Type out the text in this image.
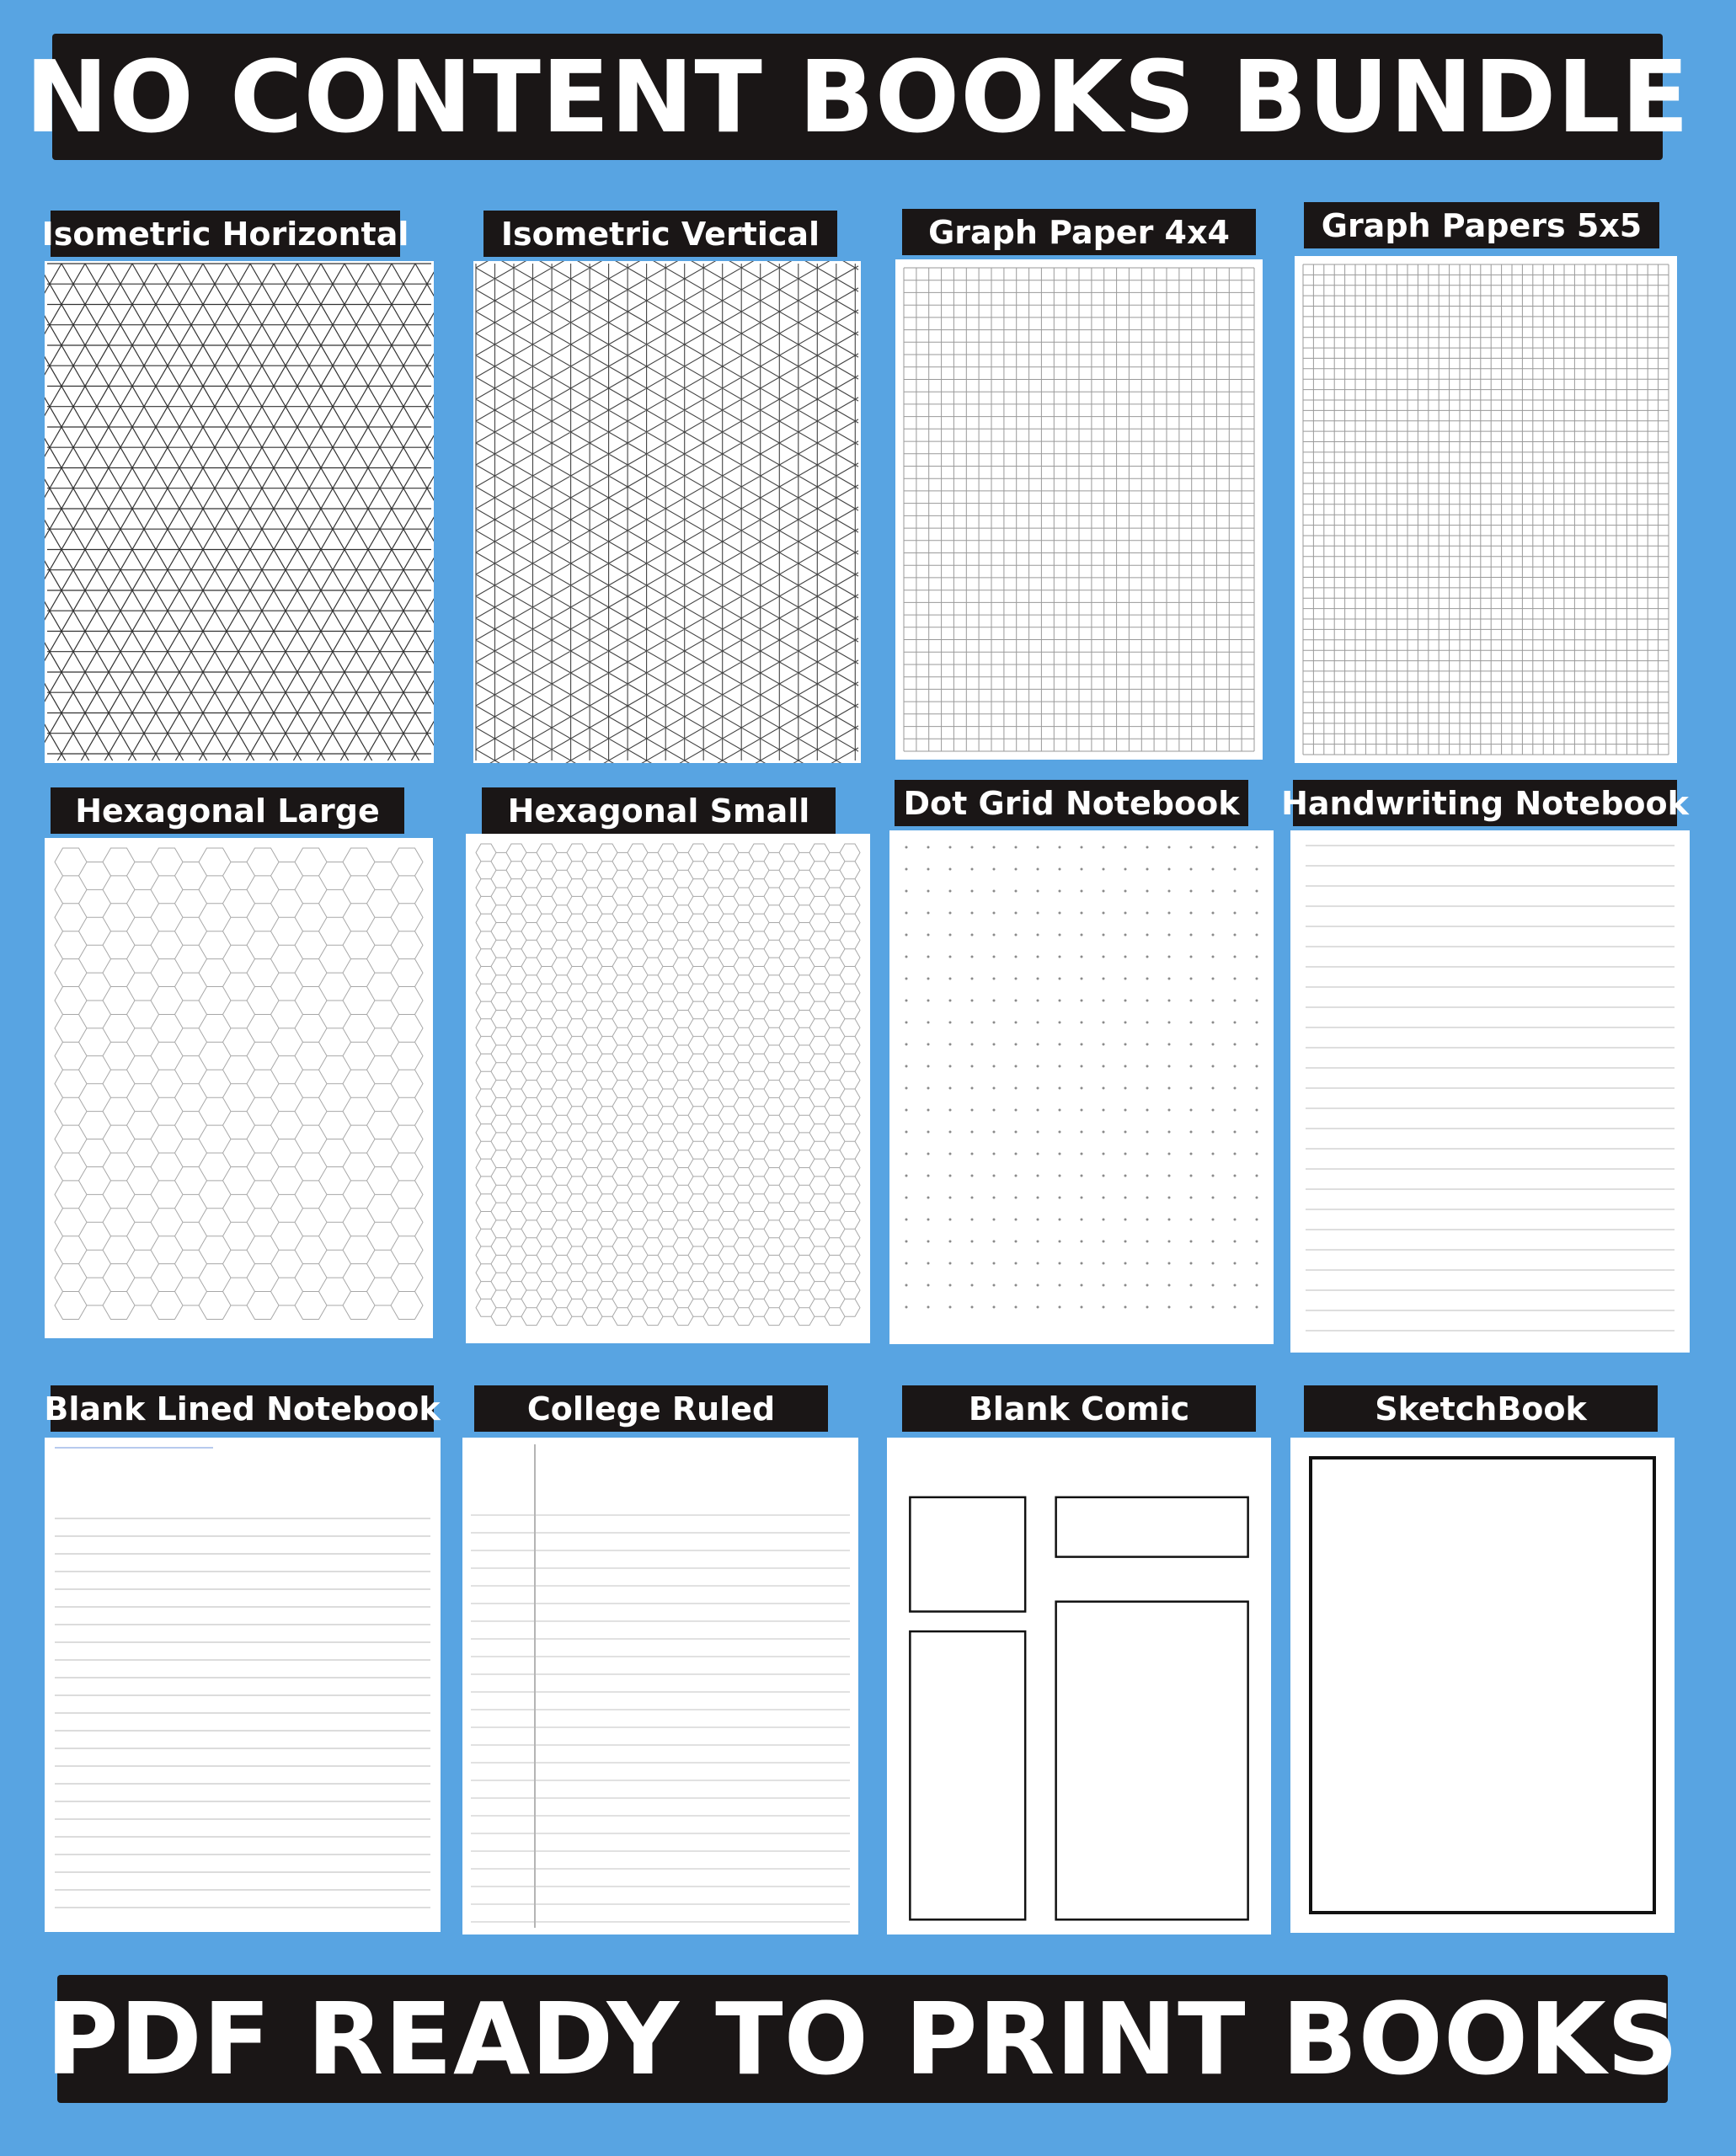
NO CONTENT BOOKS BUNDLE
Isometric Horizontal	Isometric Vertical	Graph Paper 4x4	Graph Papers 5x5
Hexagonal Large	Hexagonal Small	Dot Grid Notebook Handwriting Notebook
Blank Lined Notebook	College Ruled	Blank Comic	SketchBook
PDF READY TO PRINT BOOKS
